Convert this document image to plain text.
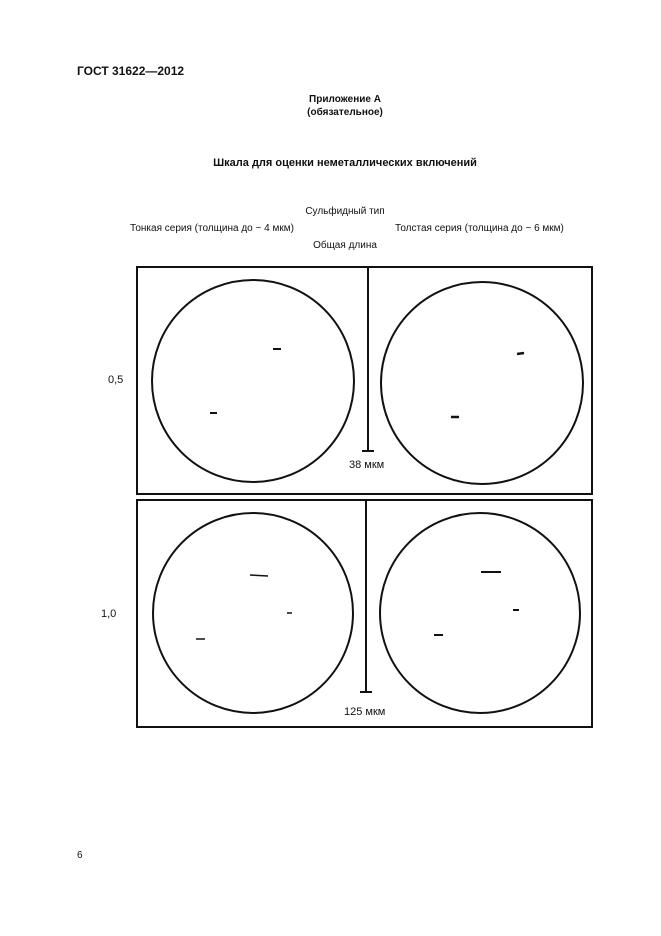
ГОСТ 31622—2012
Приложение А
(обязательное)
Шкала для оценки неметаллических включений
Сульфидный тип
Тонкая серия (толщина до ~ 4 мкм)	Толстая серия (толщина до ~ 6 мкм)
Общая длина
0,5
1,0
38 мкм
125 мкм
6
